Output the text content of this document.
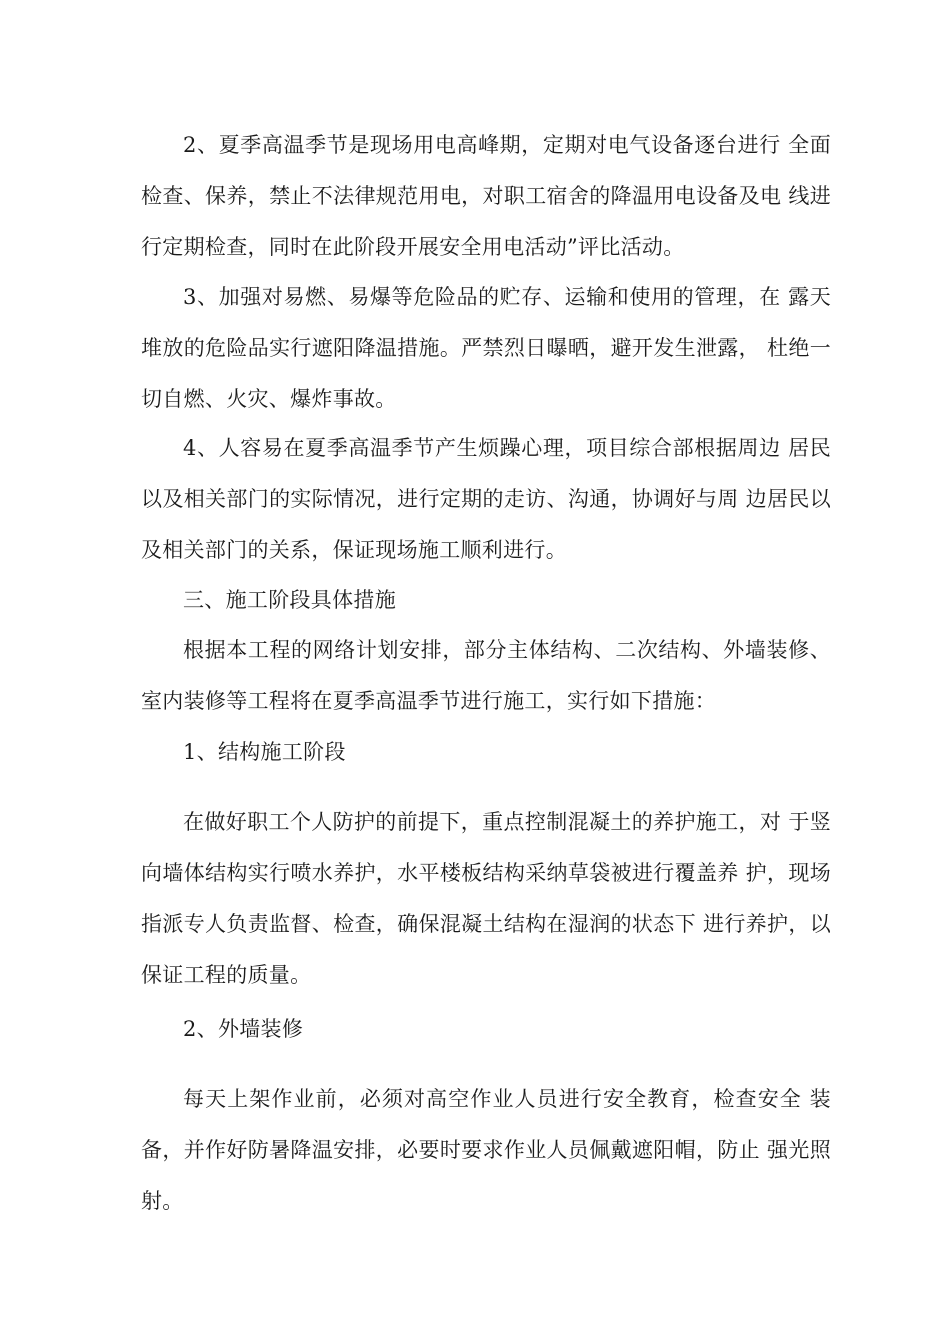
2、夏季高温季节是现场用电高峰期，定期对电气设备逐台进行 全面检查、保养，禁止不法律规范用电，对职工宿舍的降温用电设备及电 线进行定期检查，同时在此阶段开展安全用电活动”评比活动。

3、加强对易燃、易爆等危险品的贮存、运输和使用的管理，在 露天堆放的危险品实行遮阳降温措施。严禁烈日曝晒，避开发生泄露， 杜绝一切自燃、火灾、爆炸事故。

4、人容易在夏季高温季节产生烦躁心理，项目综合部根据周边 居民以及相关部门的实际情况，进行定期的走访、沟通，协调好与周 边居民以及相关部门的关系，保证现场施工顺利进行。

三、施工阶段具体措施

根据本工程的网络计划安排，部分主体结构、二次结构、外墙装修、室内装修等工程将在夏季高温季节进行施工，实行如下措施：

1、结构施工阶段

在做好职工个人防护的前提下，重点控制混凝土的养护施工，对 于竖向墙体结构实行喷水养护，水平楼板结构采纳草袋被进行覆盖养 护，现场指派专人负责监督、检查，确保混凝土结构在湿润的状态下 进行养护，以保证工程的质量。

2、外墙装修

每天上架作业前，必须对高空作业人员进行安全教育，检查安全 装备，并作好防暑降温安排，必要时要求作业人员佩戴遮阳帽，防止 强光照射。
